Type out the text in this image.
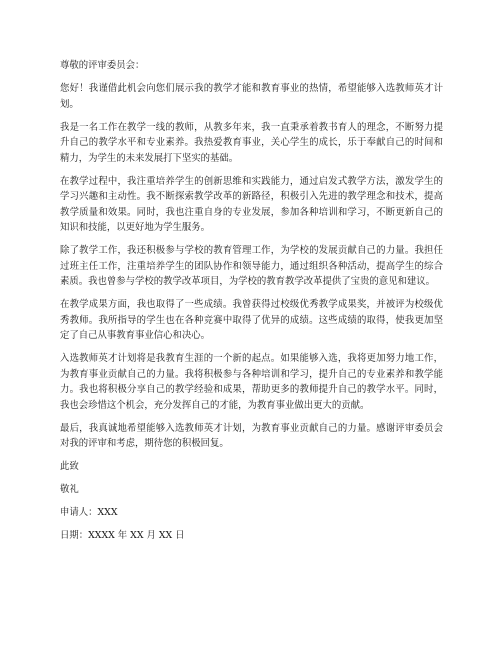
尊敬的评审委员会：

您好！我谨借此机会向您们展示我的教学才能和教育事业的热情，希望能够入选教师英才计划。

我是一名工作在教学一线的教师，从教多年来，我一直秉承着教书育人的理念，不断努力提升自己的教学水平和专业素养。我热爱教育事业，关心学生的成长，乐于奉献自己的时间和精力，为学生的未来发展打下坚实的基础。

在教学过程中，我注重培养学生的创新思维和实践能力，通过启发式教学方法，激发学生的学习兴趣和主动性。我不断探索教学改革的新路径，积极引入先进的教学理念和技术，提高教学质量和效果。同时，我也注重自身的专业发展，参加各种培训和学习，不断更新自己的知识和技能，以更好地为学生服务。

除了教学工作，我还积极参与学校的教育管理工作，为学校的发展贡献自己的力量。我担任过班主任工作，注重培养学生的团队协作和领导能力，通过组织各种活动，提高学生的综合素质。我也曾参与学校的教学改革项目，为学校的教育教学改革提供了宝贵的意见和建议。

在教学成果方面，我也取得了一些成绩。我曾获得过校级优秀教学成果奖，并被评为校级优秀教师。我所指导的学生也在各种竞赛中取得了优异的成绩。这些成绩的取得，使我更加坚定了自己从事教育事业信心和决心。

入选教师英才计划将是我教育生涯的一个新的起点。如果能够入选，我将更加努力地工作，为教育事业贡献自己的力量。我将积极参与各种培训和学习，提升自己的专业素养和教学能力。我也将积极分享自己的教学经验和成果，帮助更多的教师提升自己的教学水平。同时，我也会珍惜这个机会，充分发挥自己的才能，为教育事业做出更大的贡献。

最后，我真诚地希望能够入选教师英才计划，为教育事业贡献自己的力量。感谢评审委员会对我的评审和考虑，期待您的积极回复。

此致

敬礼

申请人：XXX

日期：XXXX 年 XX 月 XX 日
